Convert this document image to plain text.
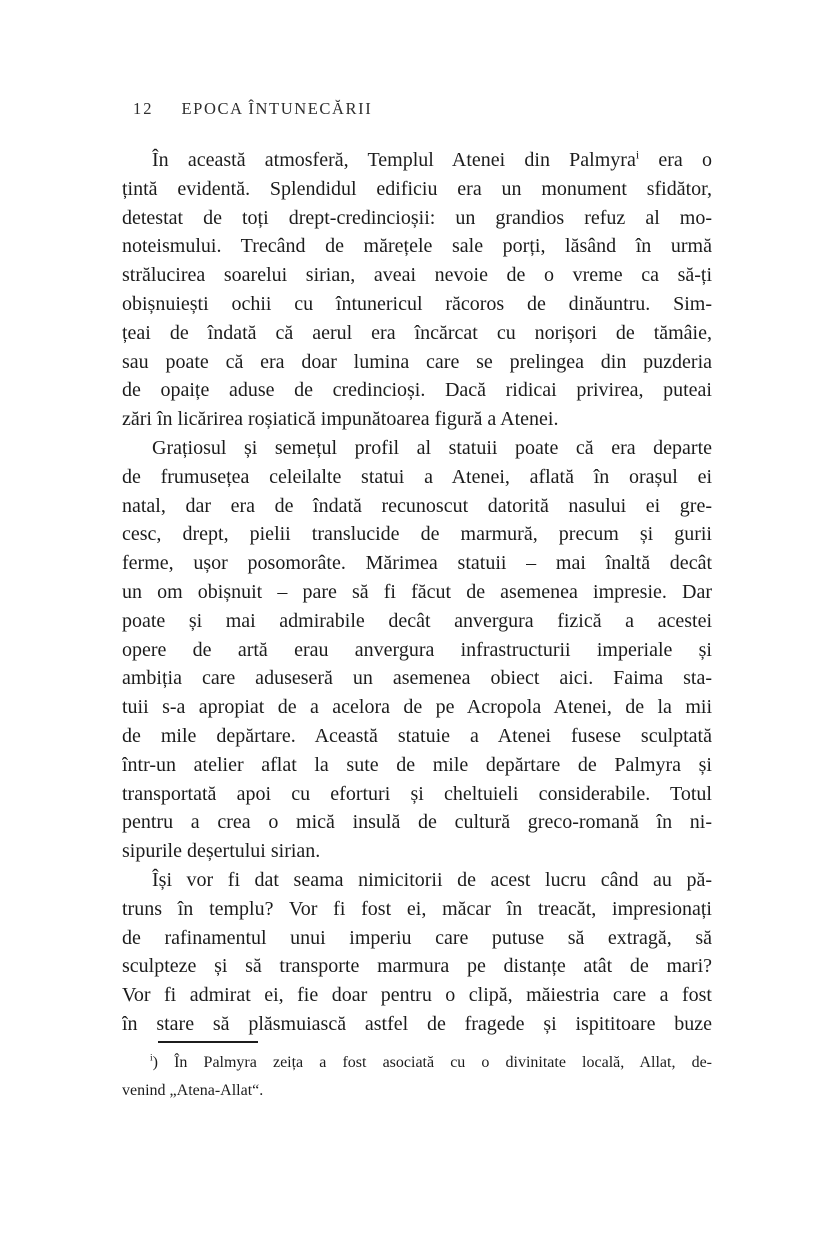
12 EPOCA ÎNTUNECĂRII
În această atmosferă, Templul Atenei din Palmyra$^i$ era o
țintă evidentă. Splendidul edificiu era un monument sfidător,
detestat de toți drept-credincioșii: un grandios refuz al mo-
noteismului. Trecând de mărețele sale porți, lăsând în urmă
strălucirea soarelui sirian, aveai nevoie de o vreme ca să-ți
obișnuiești ochii cu întunericul răcoros de dinăuntru. Sim-
țeai de îndată că aerul era încărcat cu norișori de tămâie,
sau poate că era doar lumina care se prelingea din puzderia
de opaițe aduse de credincioși. Dacă ridicai privirea, puteai
zări în licărirea roșiatică impunătoarea figură a Atenei.
Grațiosul și semețul profil al statuii poate că era departe
de frumusețea celeilalte statui a Atenei, aflată în orașul ei
natal, dar era de îndată recunoscut datorită nasului ei gre-
cesc, drept, pielii translucide de marmură, precum și gurii
ferme, ușor posomorâte. Mărimea statuii – mai înaltă decât
un om obișnuit – pare să fi făcut de asemenea impresie. Dar
poate și mai admirabile decât anvergura fizică a acestei
opere de artă erau anvergura infrastructurii imperiale și
ambiția care aduseseră un asemenea obiect aici. Faima sta-
tuii s-a apropiat de a acelora de pe Acropola Atenei, de la mii
de mile depărtare. Această statuie a Atenei fusese sculptată
într-un atelier aflat la sute de mile depărtare de Palmyra și
transportată apoi cu eforturi și cheltuieli considerabile. Totul
pentru a crea o mică insulă de cultură greco-romană în ni-
sipurile deșertului sirian.
Își vor fi dat seama nimicitorii de acest lucru când au pă-
truns în templu? Vor fi fost ei, măcar în treacăt, impresionați
de rafinamentul unui imperiu care putuse să extragă, să
sculpteze și să transporte marmura pe distanțe atât de mari?
Vor fi admirat ei, fie doar pentru o clipă, măiestria care a fost
în stare să plăsmuiască astfel de fragede și ispititoare buze
$^i$) În Palmyra zeița a fost asociată cu o divinitate locală, Allat, de-
venind „Atena-Allat“.
